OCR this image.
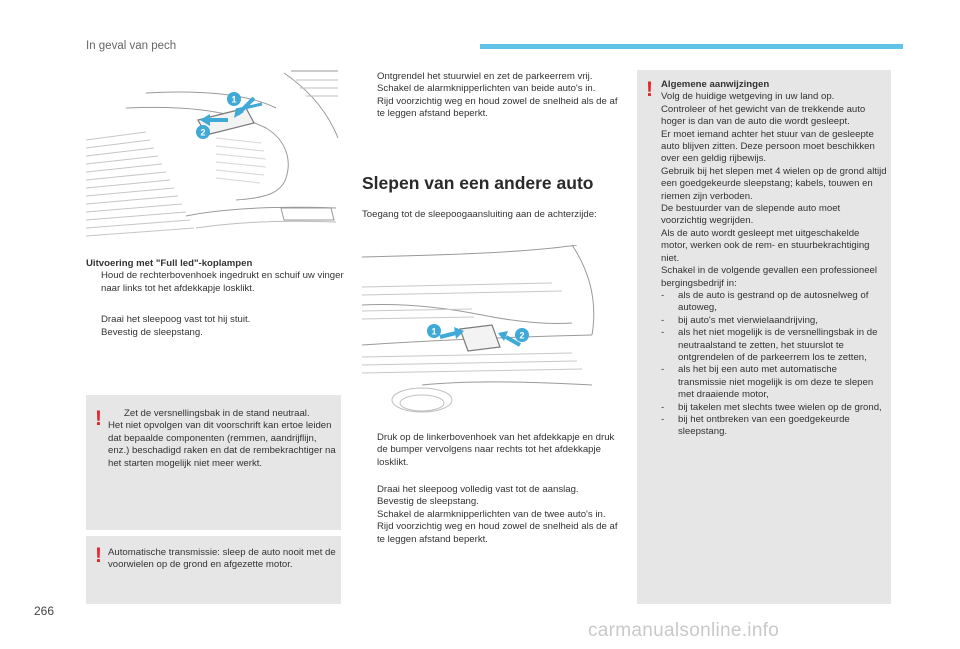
In geval van pech
1
2
Uitvoering met "Full led"-koplampen
Houd de rechterbovenhoek ingedrukt en schuif uw vinger naar links tot het afdekkapje losklikt.
Draai het sleepoog vast tot hij stuit.
Bevestig de sleepstang.
! Zet de versnellingsbak in de stand neutraal.
Het niet opvolgen van dit voorschrift kan ertoe leiden dat bepaalde componenten (remmen, aandrijflijn, enz.) beschadigd raken en dat de rembekrachtiger na het starten mogelijk niet meer werkt.
! Automatische transmissie: sleep de auto nooit met de voorwielen op de grond en afgezette motor.
Ontgrendel het stuurwiel en zet de parkeerrem vrij.
Schakel de alarmknipperlichten van beide auto's in.
Rijd voorzichtig weg en houd zowel de snelheid als de af te leggen afstand beperkt.
Slepen van een andere auto
Toegang tot de sleepoogaansluiting aan de achterzijde:
1	2
Druk op de linkerbovenhoek van het afdekkapje en druk de bumper vervolgens naar rechts tot het afdekkapje losklikt.
Draai het sleepoog volledig vast tot de aanslag.
Bevestig de sleepstang.
Schakel de alarmknipperlichten van de twee auto's in.
Rijd voorzichtig weg en houd zowel de snelheid als de af te leggen afstand beperkt.
! Algemene aanwijzingen
Volg de huidige wetgeving in uw land op.
Controleer of het gewicht van de trekkende auto hoger is dan van de auto die wordt gesleept.
Er moet iemand achter het stuur van de gesleepte auto blijven zitten. Deze persoon moet beschikken over een geldig rijbewijs.
Gebruik bij het slepen met 4 wielen op de grond altijd een goedgekeurde sleepstang; kabels, touwen en riemen zijn verboden.
De bestuurder van de slepende auto moet voorzichtig wegrijden.
Als de auto wordt gesleept met uitgeschakelde motor, werken ook de rem- en stuurbekrachtiging niet.
Schakel in de volgende gevallen een professioneel bergingsbedrijf in:
-	als de auto is gestrand op de autosnelweg of autoweg,
-	bij auto's met vierwielaandrijving,
-	als het niet mogelijk is de versnellingsbak in de neutraalstand te zetten, het stuurslot te ontgrendelen of de parkeerrem los te zetten,
-	als het bij een auto met automatische transmissie niet mogelijk is om deze te slepen met draaiende motor,
-	bij takelen met slechts twee wielen op de grond,
-	bij het ontbreken van een goedgekeurde sleepstang.
266
carmanualsonline.info
